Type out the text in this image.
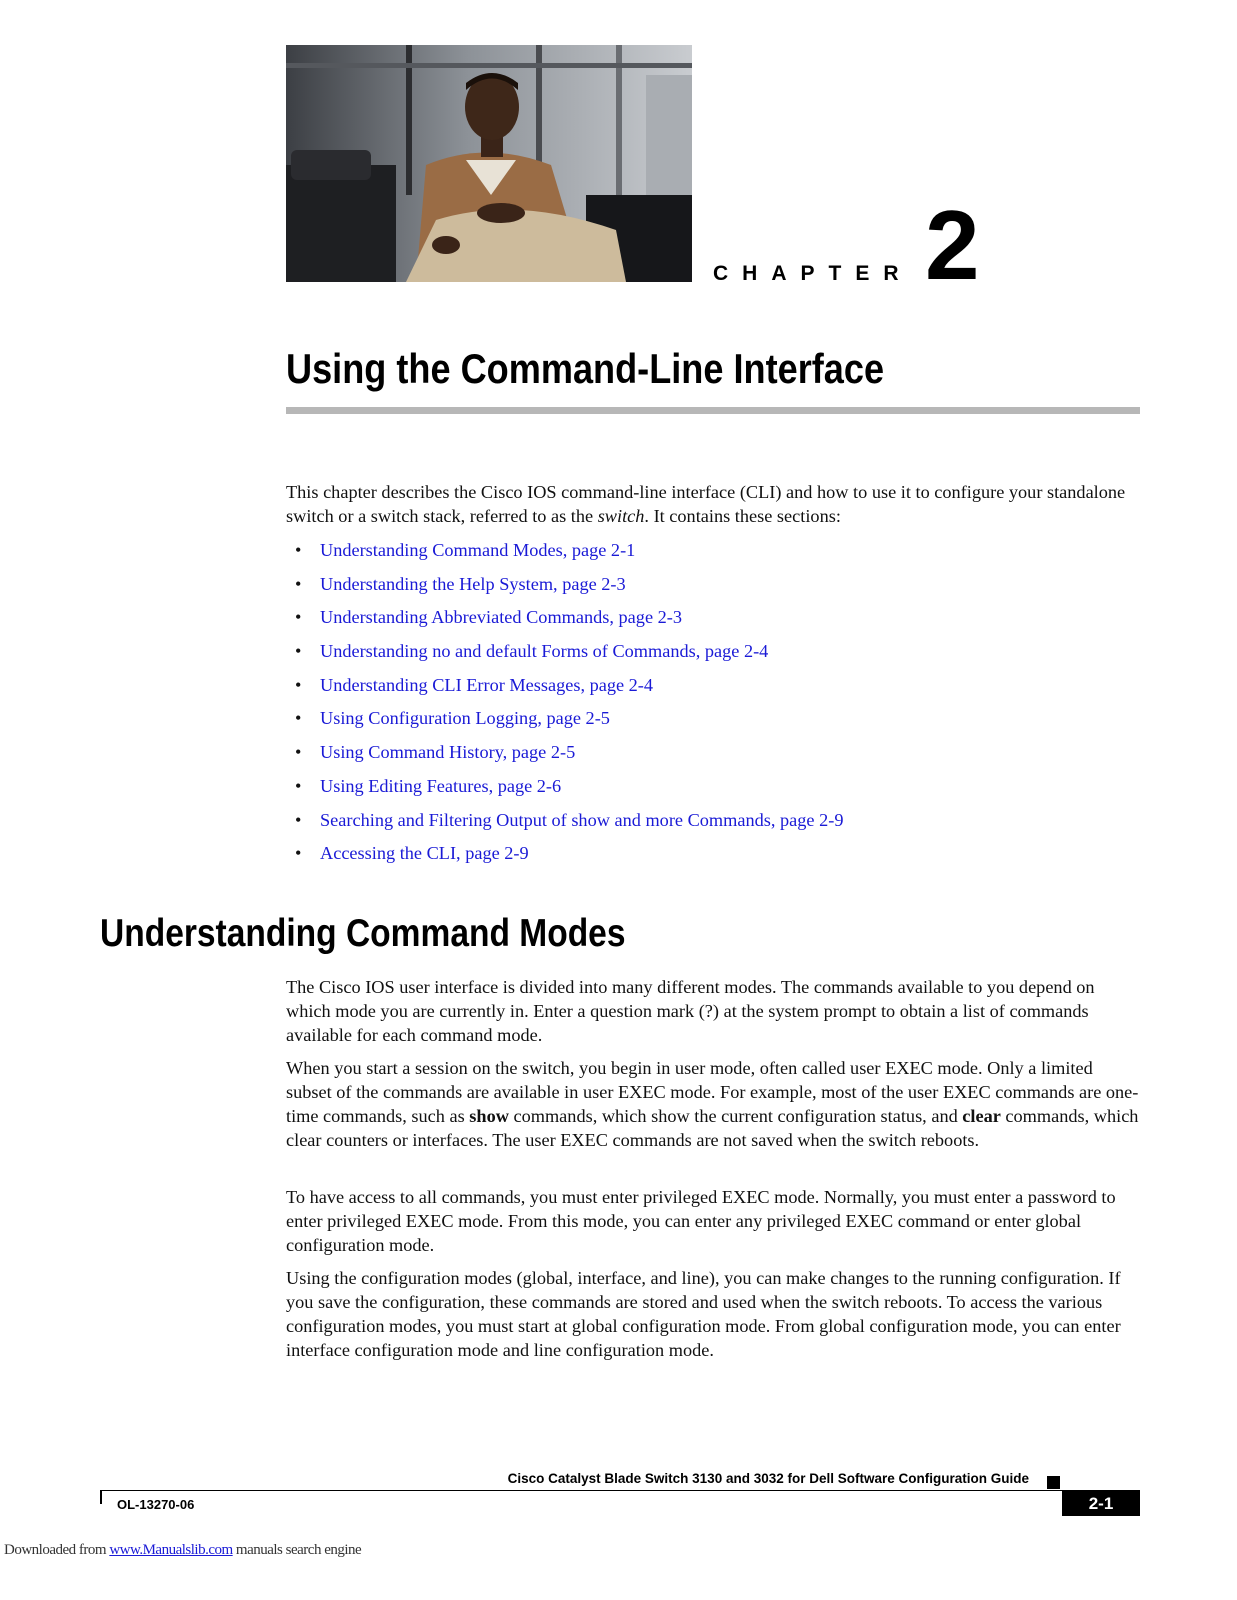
CHAPTER 2
Using the Command-Line Interface
This chapter describes the Cisco IOS command-line interface (CLI) and how to use it to configure your standalone switch or a switch stack, referred to as the switch. It contains these sections:
• Understanding Command Modes, page 2-1
• Understanding the Help System, page 2-3
• Understanding Abbreviated Commands, page 2-3
• Understanding no and default Forms of Commands, page 2-4
• Understanding CLI Error Messages, page 2-4
• Using Configuration Logging, page 2-5
• Using Command History, page 2-5
• Using Editing Features, page 2-6
• Searching and Filtering Output of show and more Commands, page 2-9
• Accessing the CLI, page 2-9
Understanding Command Modes
The Cisco IOS user interface is divided into many different modes. The commands available to you depend on which mode you are currently in. Enter a question mark (?) at the system prompt to obtain a list of commands available for each command mode.
When you start a session on the switch, you begin in user mode, often called user EXEC mode. Only a limited subset of the commands are available in user EXEC mode. For example, most of the user EXEC commands are one-time commands, such as show commands, which show the current configuration status, and clear commands, which clear counters or interfaces. The user EXEC commands are not saved when the switch reboots.
To have access to all commands, you must enter privileged EXEC mode. Normally, you must enter a password to enter privileged EXEC mode. From this mode, you can enter any privileged EXEC command or enter global configuration mode.
Using the configuration modes (global, interface, and line), you can make changes to the running configuration. If you save the configuration, these commands are stored and used when the switch reboots. To access the various configuration modes, you must start at global configuration mode. From global configuration mode, you can enter interface configuration mode and line configuration mode.
Cisco Catalyst Blade Switch 3130 and 3032 for Dell Software Configuration Guide
OL-13270-06	2-1
Downloaded from www.Manualslib.com manuals search engine
